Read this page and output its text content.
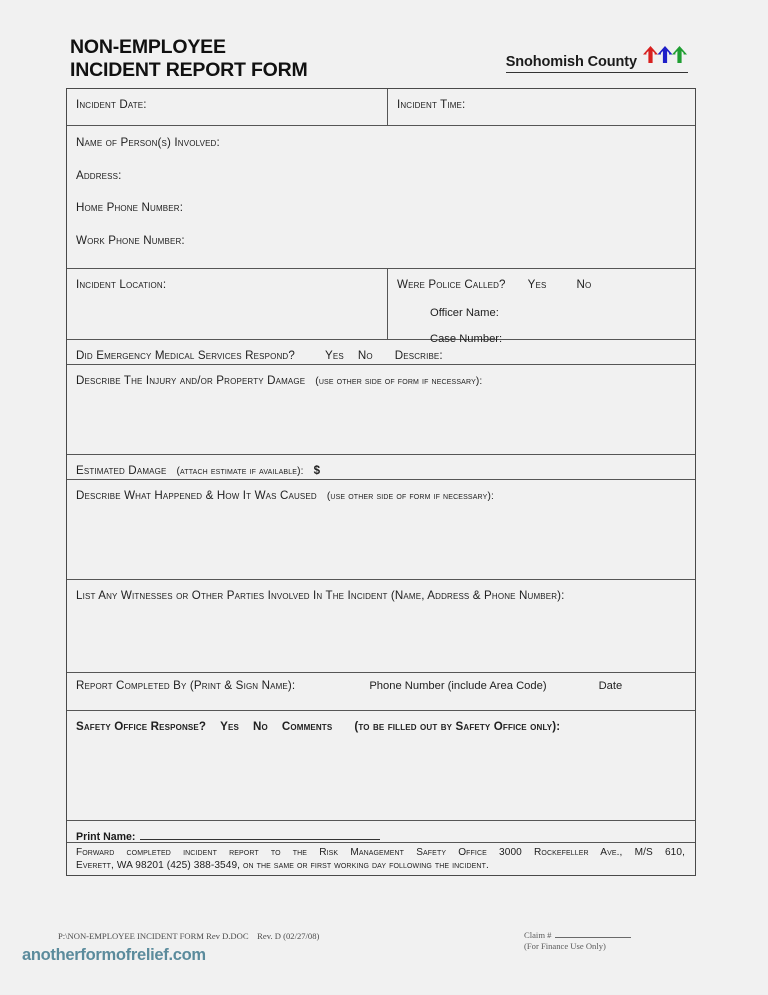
NON-EMPLOYEE
INCIDENT REPORT FORM	Snohomish County
Incident Date:	Incident Time:
Name of Person(s) Involved:
Address:
Home Phone Number:
Work Phone Number:
Incident Location:	Were Police Called? Yes	No
Officer Name:
Case Number:
Did Emergency Medical Services Respond?	Yes No Describe:
Describe The Injury and/or Property Damage (use other side of form if necessary):
Estimated Damage (attach estimate if available): $
Describe What Happened & How It Was Caused (use other side of form if necessary):
List Any Witnesses or Other Parties Involved In The Incident (Name, Address & Phone Number):
Report Completed By (Print & Sign Name):	Phone Number (include Area Code)	Date
Safety Office Response? Yes No Comments (to be filled out by Safety Office only):
Print Name:
Forward completed incident report to the Risk Management Safety Office 3000 Rockefeller Ave., M/S 610,
Everett, WA 98201 (425) 388-3549, on the same or first working day following the incident.
P:\NON-EMPLOYEE INCIDENT FORM Rev D.DOC Rev. D (02/27/08)	Claim #
(For Finance Use Only)
anotherformofrelief.com
